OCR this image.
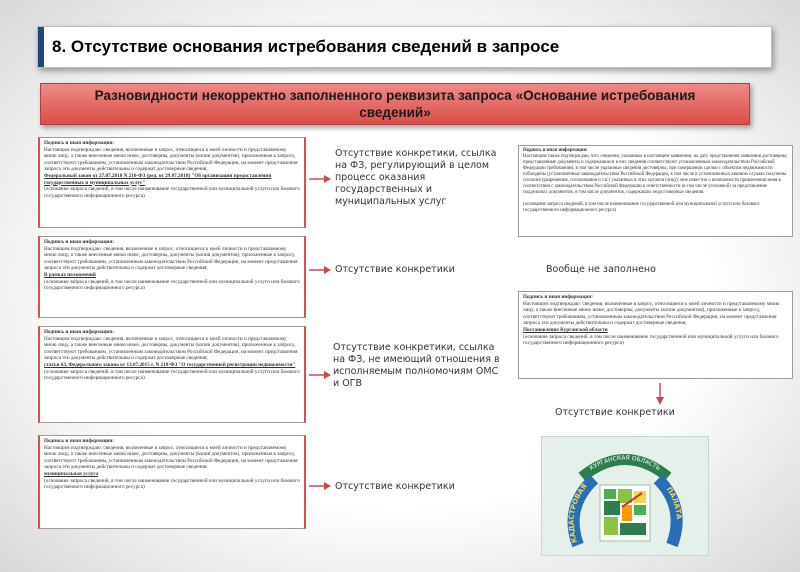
8. Отсутствие основания истребования сведений в запросе
Разновидности некорректно заполненного реквизита запроса «Основание истребования сведений»
Подпись и иная информация:
Настоящим подтверждаю: сведения, включенные в запрос, относящиеся к моей личности и представляемому мною лицу, а также внесенные мною ниже, достоверны, документы (копии документов), приложенные к запросу, соответствуют требованиям, установленным законодательством Российской Федерации, на момент представления запроса эти документы действительны и содержат достоверные сведения;
Федеральный закон от 27.07.2010 N 210-ФЗ (ред. от 29.07.2018) "Об организации предоставления государственных и муниципальных услуг"
(основание запроса сведений, в том числе наименование государственной или муниципальной услуги или базового государственного информационного ресурса)
Подпись и иная информация:
Настоящим подтверждаю: сведения, включенные в запрос, относящиеся к моей личности и представляемому мною лицу, а также внесенные мною ниже, достоверны, документы (копии документов), приложенные к запросу, соответствуют требованиям, установленным законодательством Российской Федерации, на момент представления запроса эти документы действительны и содержат достоверные сведения;
В рамках полномочий
(основание запроса сведений, в том числе наименование государственной или муниципальной услуги или базового государственного информационного ресурса)
Подпись и иная информация:
Настоящим подтверждаю: сведения, включенные в запрос, относящиеся к моей личности и представляемому мною лицу, а также внесенные мною ниже, достоверны, документы (копии документов), приложенные к запросу, соответствуют требованиям, установленным законодательством Российской Федерации, на момент представления запроса эти документы действительны и содержат достоверные сведения;
статья 63, Федерального закона от 13.07.2015 г. N 218-ФЗ "О государственной регистрации недвижимости"
(основание запроса сведений, в том числе наименование государственной или муниципальной услуги или базового государственного информационного ресурса)
Подпись и иная информация:
Настоящим подтверждаю: сведения, включенные в запрос, относящиеся к моей личности и представляемому мною лицу, а также внесенные мною ниже, достоверны, документы (копии документов), приложенные к запросу, соответствуют требованиям, установленным законодательством Российской Федерации, на момент представления запроса эти документы действительны и содержат достоверные сведения;
муниципальная услуга
(основание запроса сведений, в том числе наименование государственной или муниципальной услуги или базового государственного информационного ресурса)
Отсутствие конкретики, ссылка на ФЗ, регулирующий в целом процесс оказания государственных и муниципальных услуг
Отсутствие конкретики
Отсутствие конкретики, ссылка на ФЗ, не имеющий отношения в исполняемым полномочиям ОМС и ОГВ
Отсутствие конкретики
Подпись и иная информация:
Настоящим также подтверждаю, что: сведения, указанные в настоящем заявлении, на дату представления заявления достоверны; представленные документы и содержащиеся в них сведения соответствуют установленным законодательством Российской Федерации требованиям, в том числе указанные сведения достоверны; при совершении сделки с объектом недвижимости соблюдены (установленные законодательством Российской Федерации, в том числе в установленных законом случаях получены согласия (разрешения, согласования и т.п.) указанных в этих органов (лиц)); мне известно о возможности привлечения меня в соответствии с законодательством Российской Федерации к ответственности (в том числе уголовной) за представление поддельных документов, в том числе документов, содержащих недостоверные сведения.
(основание запроса сведений, в том числе наименование государственной или муниципальной услуги или базового государственного информационного ресурса)
Вообще не заполнено
Подпись и иная информация:
Настоящим подтверждаю: сведения, включенные в запрос, относящиеся к моей личности и представляемому мною лицу, а также внесенные мною ниже, достоверны, документы (копии документов), приложенные к запросу, соответствуют требованиям, установленным законодательством Российской Федерации, на момент представления запроса эти документы действительны и содержат достоверные сведения;
Постановление Курганской области
(основание запроса сведений, в том числе наименование государственной или муниципальной услуги или базового государственного информационного ресурса)
Отсутствие конкретики
КУРГАНСКАЯ ОБЛАСТЬ
КАДАСТРОВАЯ	ПАЛАТА
